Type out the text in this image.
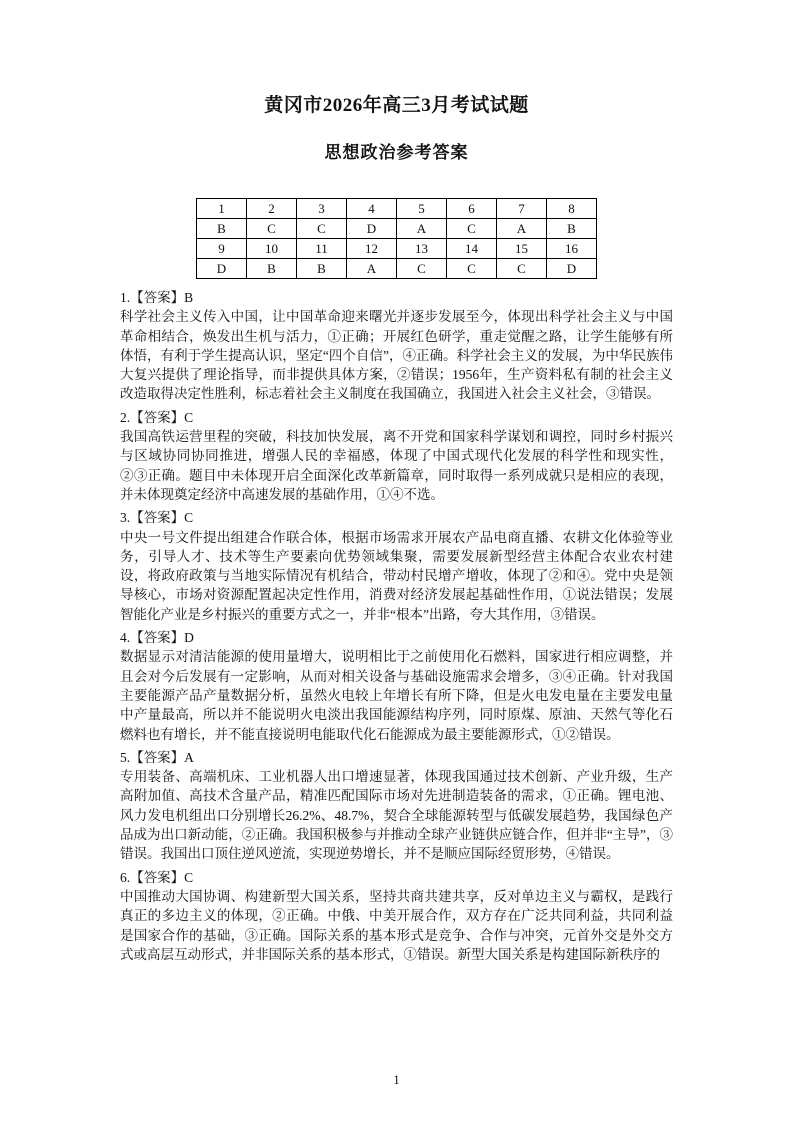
黄冈市2026年高三3月考试试题
思想政治参考答案
1	2	3	4	5	6	7	8
B	C	C	D	A	C	A	B
9	10	11	12	13	14	15	16
D	B	B	A	C	C	C	D
1.【答案】B
科学社会主义传入中国，让中国革命迎来曙光并逐步发展至今，体现出科学社会主义与中国革命相结合，焕发出生机与活力，①正确；开展红色研学，重走觉醒之路，让学生能够有所体悟，有利于学生提高认识，坚定“四个自信”，④正确。科学社会主义的发展，为中华民族伟大复兴提供了理论指导，而非提供具体方案，②错误；1956年，生产资料私有制的社会主义改造取得决定性胜利，标志着社会主义制度在我国确立，我国进入社会主义社会，③错误。
2.【答案】C
我国高铁运营里程的突破，科技加快发展，离不开党和国家科学谋划和调控，同时乡村振兴与区域协同协同推进，增强人民的幸福感，体现了中国式现代化发展的科学性和现实性，②③正确。题目中未体现开启全面深化改革新篇章，同时取得一系列成就只是相应的表现，并未体现奠定经济中高速发展的基础作用，①④不选。
3.【答案】C
中央一号文件提出组建合作联合体，根据市场需求开展农产品电商直播、农耕文化体验等业务，引导人才、技术等生产要素向优势领域集聚，需要发展新型经营主体配合农业农村建设，将政府政策与当地实际情况有机结合，带动村民增产增收，体现了②和④。党中央是领导核心，市场对资源配置起决定性作用，消费对经济发展起基础性作用，①说法错误；发展智能化产业是乡村振兴的重要方式之一，并非“根本”出路，夸大其作用，③错误。
4.【答案】D
数据显示对清洁能源的使用量增大，说明相比于之前使用化石燃料，国家进行相应调整，并且会对今后发展有一定影响，从而对相关设备与基础设施需求会增多，③④正确。针对我国主要能源产品产量数据分析，虽然火电较上年增长有所下降，但是火电发电量在主要发电量中产量最高，所以并不能说明火电淡出我国能源结构序列，同时原煤、原油、天然气等化石燃料也有增长，并不能直接说明电能取代化石能源成为最主要能源形式，①②错误。
5.【答案】A
专用装备、高端机床、工业机器人出口增速显著，体现我国通过技术创新、产业升级，生产高附加值、高技术含量产品，精准匹配国际市场对先进制造装备的需求，①正确。锂电池、风力发电机组出口分别增长26.2%、48.7%，契合全球能源转型与低碳发展趋势，我国绿色产品成为出口新动能，②正确。我国积极参与并推动全球产业链供应链合作，但并非“主导”，③错误。我国出口顶住逆风逆流，实现逆势增长，并不是顺应国际经贸形势，④错误。
6.【答案】C
中国推动大国协调、构建新型大国关系，坚持共商共建共享，反对单边主义与霸权，是践行真正的多边主义的体现，②正确。中俄、中美开展合作，双方存在广泛共同利益，共同利益是国家合作的基础，③正确。国际关系的基本形式是竞争、合作与冲突，元首外交是外交方式或高层互动形式，并非国际关系的基本形式，①错误。新型大国关系是构建国际新秩序的
1
